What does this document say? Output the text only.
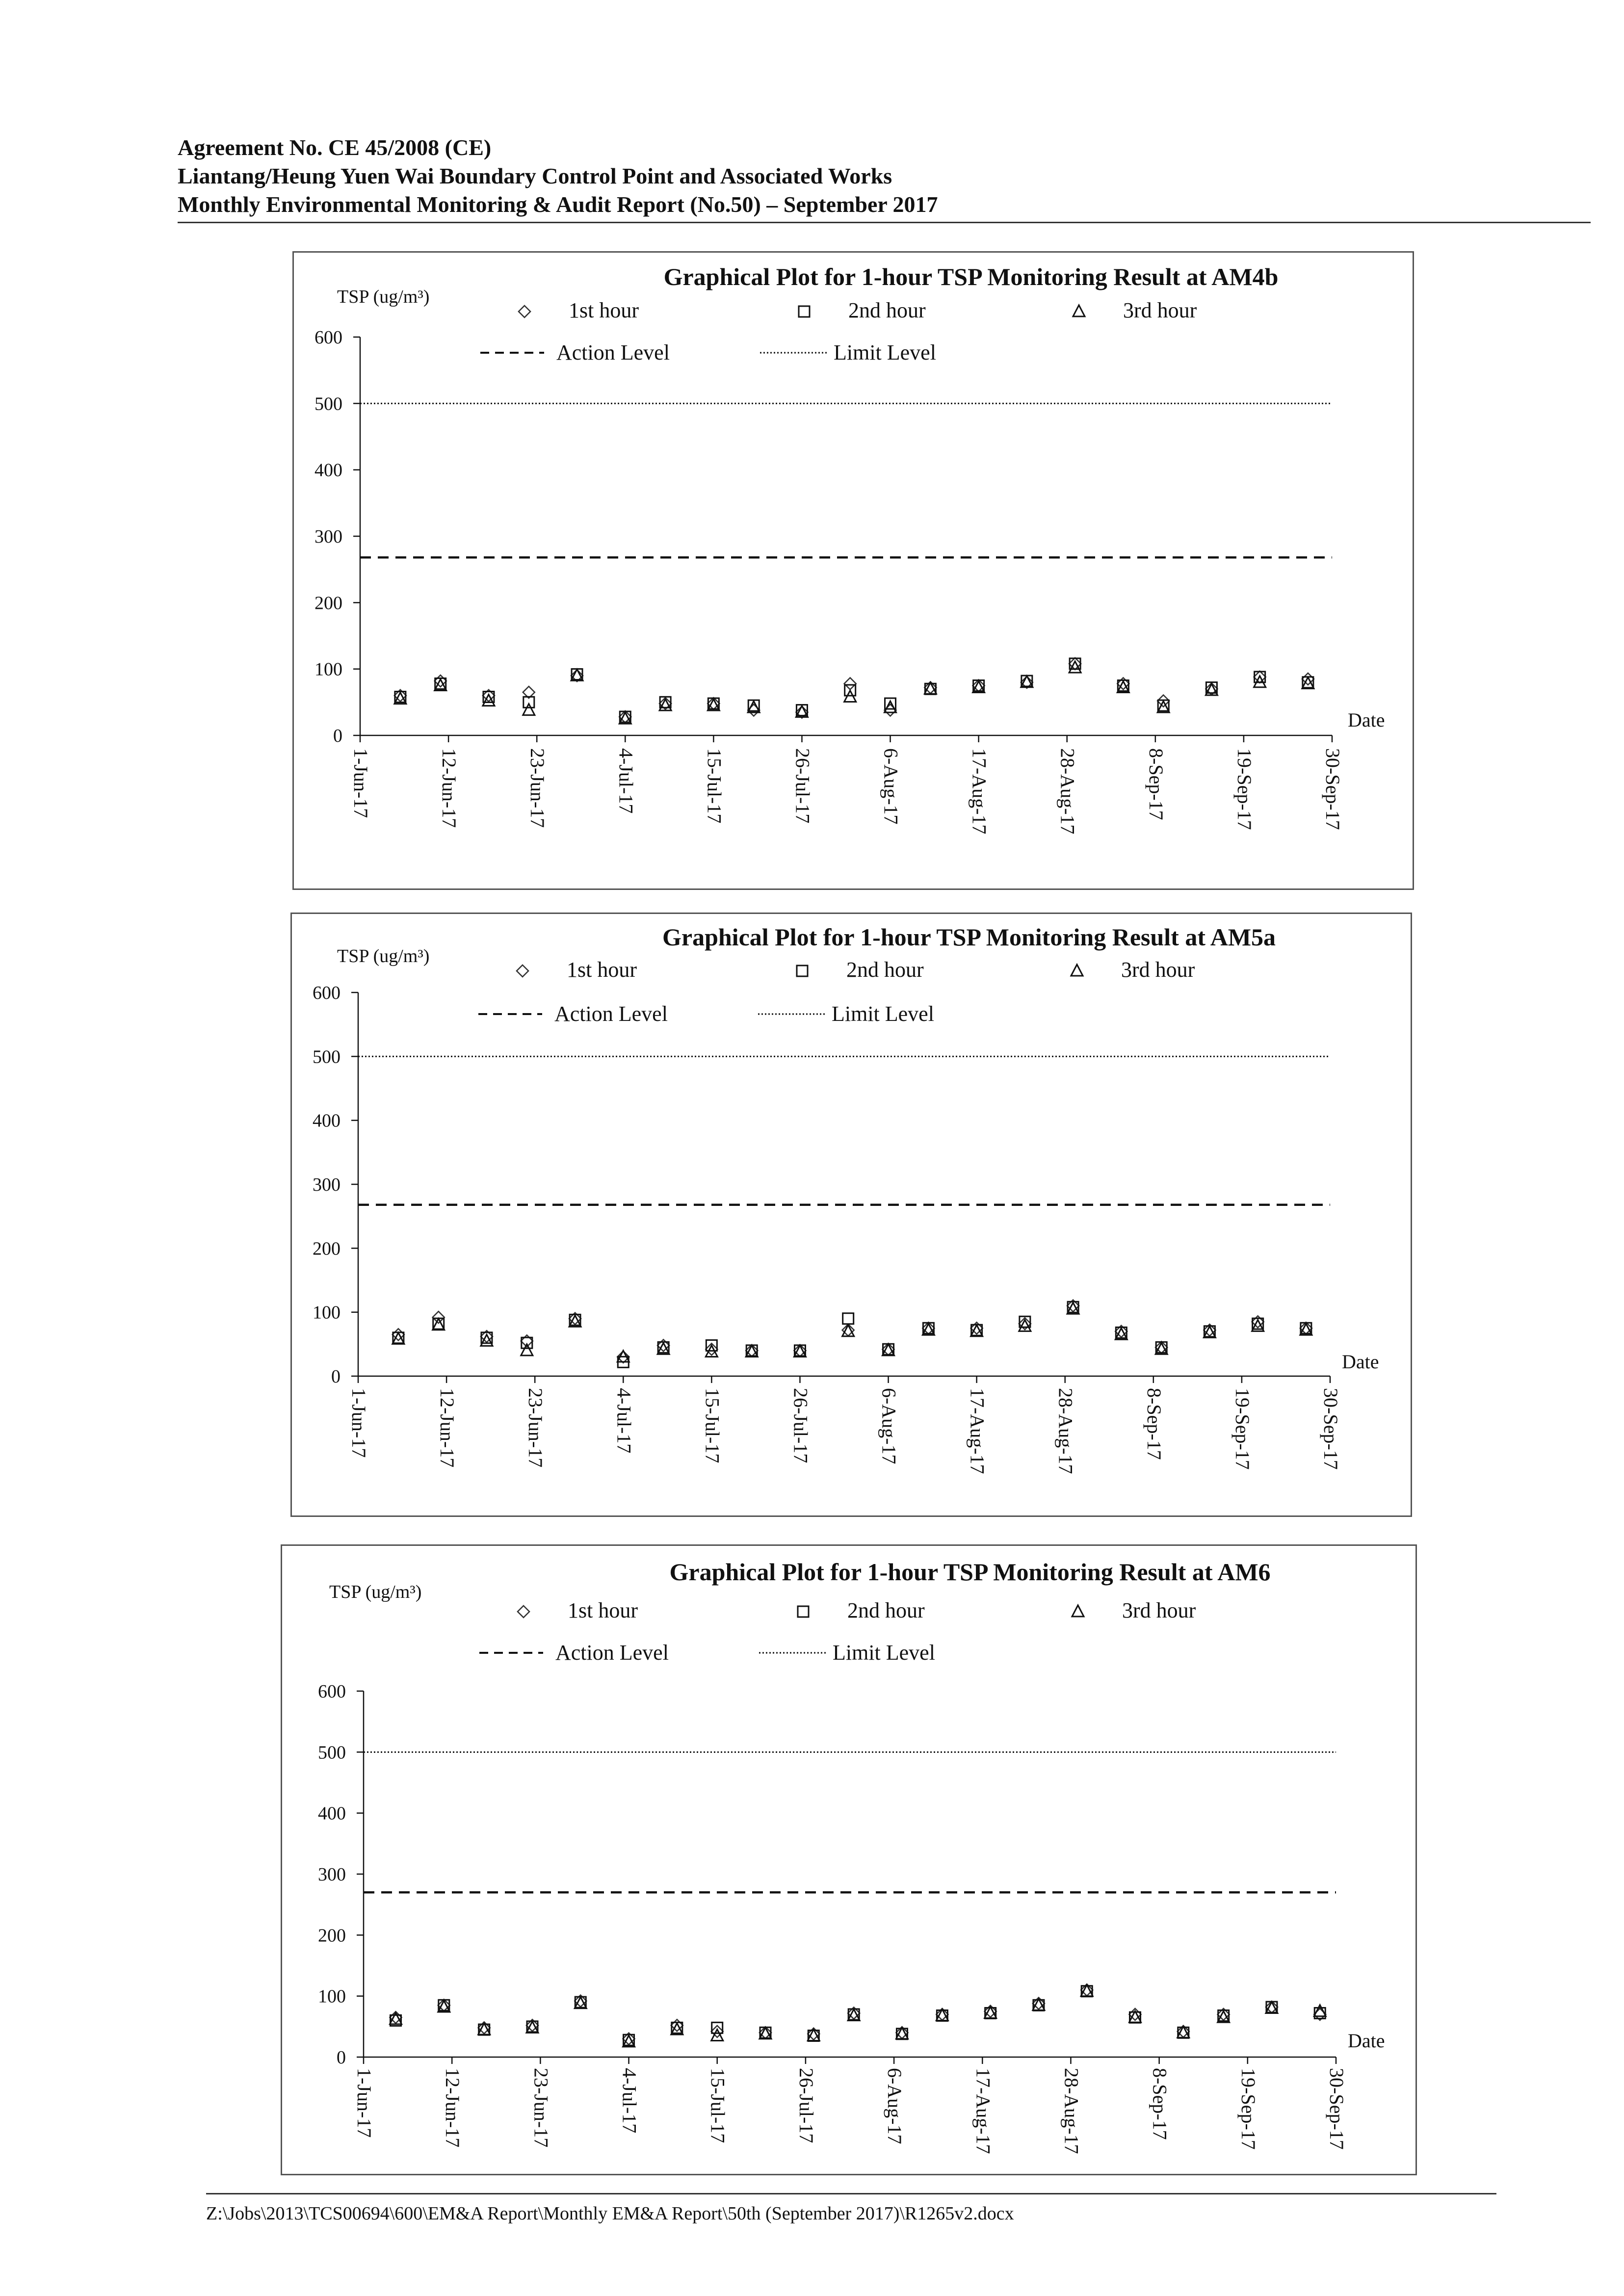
Agreement No. CE 45/2008 (CE)
Liantang/Heung Yuen Wai Boundary Control Point and Associated Works
Monthly Environmental Monitoring & Audit Report (No.50) – September 2017
Graphical Plot for 1-hour TSP Monitoring Result at AM4b
TSP (ug/m³)
Date
1st hour	2nd hour	3rd hour
Action Level	Limit Level
0
100
200
300
400
500
600
1-Jun-17	12-Jun-17	23-Jun-17	4-Jul-17	15-Jul-17	26-Jul-17	6-Aug-17	17-Aug-17	28-Aug-17	8-Sep-17	19-Sep-17	30-Sep-17
Graphical Plot for 1-hour TSP Monitoring Result at AM5a
TSP (ug/m³)
Date
1st hour	2nd hour	3rd hour
Action Level	Limit Level
0
100
200
300
400
500
600
1-Jun-17	12-Jun-17	23-Jun-17	4-Jul-17	15-Jul-17	26-Jul-17	6-Aug-17	17-Aug-17	28-Aug-17	8-Sep-17	19-Sep-17	30-Sep-17
Graphical Plot for 1-hour TSP Monitoring Result at AM6
TSP (ug/m³)
Date
1st hour	2nd hour	3rd hour
Action Level	Limit Level
0
100
200
300
400
500
600
1-Jun-17	12-Jun-17	23-Jun-17	4-Jul-17	15-Jul-17	26-Jul-17	6-Aug-17	17-Aug-17	28-Aug-17	8-Sep-17	19-Sep-17	30-Sep-17
Z:\Jobs\2013\TCS00694\600\EM&A Report\Monthly EM&A Report\50th (September 2017)\R1265v2.docx
